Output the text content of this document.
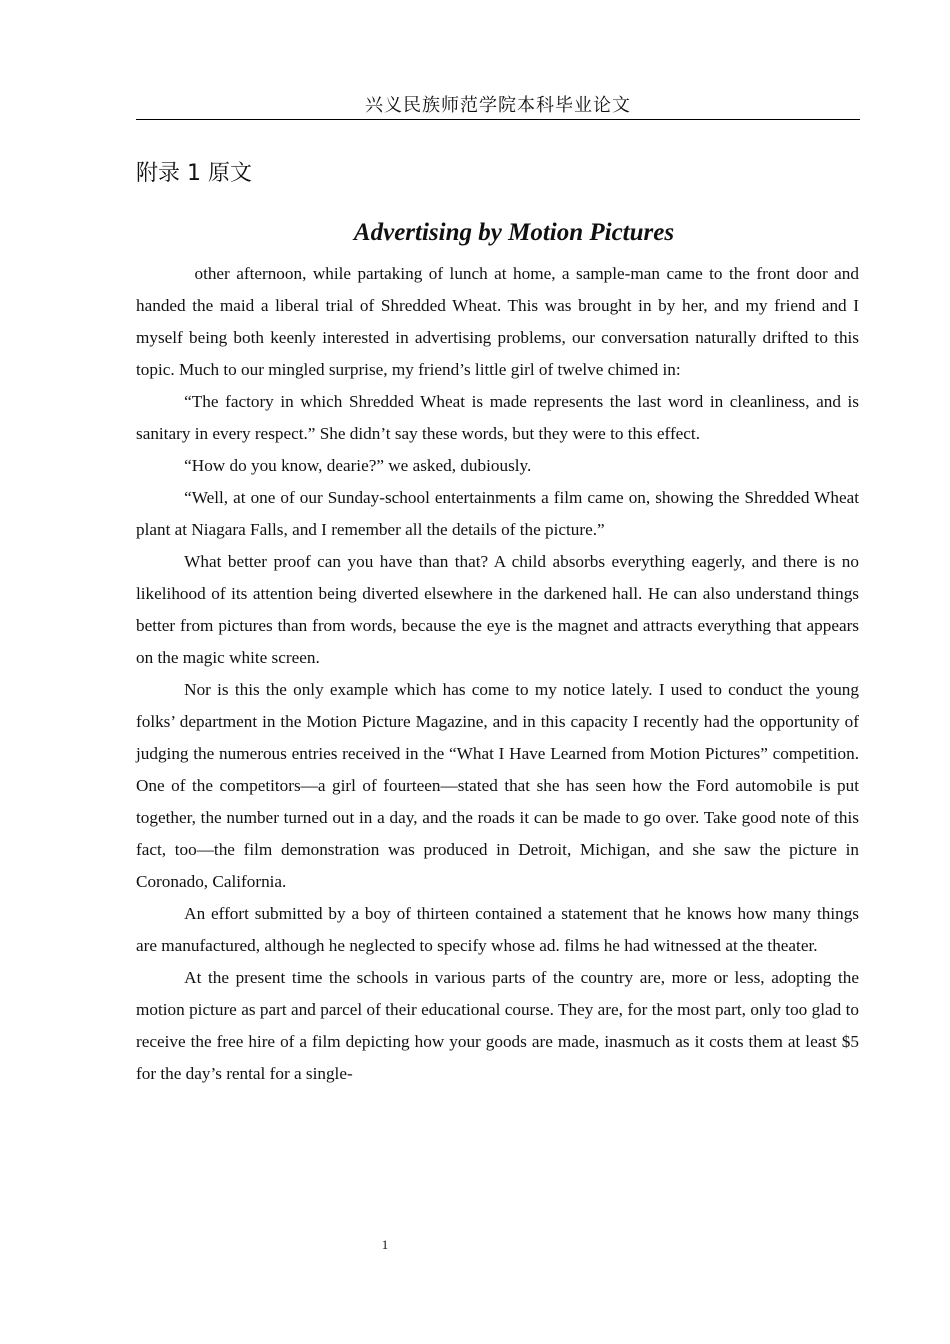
兴义民族师范学院本科毕业论文
附录 1 原文
Advertising by Motion Pictures

other afternoon, while partaking of lunch at home, a sample-man came to the front door and handed the maid a liberal trial of Shredded Wheat. This was brought in by her, and my friend and I myself being both keenly interested in advertising problems, our conversation naturally drifted to this topic. Much to our mingled surprise, my friend’s little girl of twelve chimed in:

“The factory in which Shredded Wheat is made represents the last word in cleanliness, and is sanitary in every respect.” She didn’t say these words, but they were to this effect.

“How do you know, dearie?” we asked, dubiously.

“Well, at one of our Sunday-school entertainments a film came on, showing the Shredded Wheat plant at Niagara Falls, and I remember all the details of the picture.”

What better proof can you have than that? A child absorbs everything eagerly, and there is no likelihood of its attention being diverted elsewhere in the darkened hall. He can also understand things better from pictures than from words, because the eye is the magnet and attracts everything that appears on the magic white screen.

Nor is this the only example which has come to my notice lately. I used to conduct the young folks’ department in the Motion Picture Magazine, and in this capacity I recently had the opportunity of judging the numerous entries received in the “What I Have Learned from Motion Pictures” competition. One of the competitors—a girl of fourteen—stated that she has seen how the Ford automobile is put together, the number turned out in a day, and the roads it can be made to go over. Take good note of this fact, too—the film demonstration was produced in Detroit, Michigan, and she saw the picture in Coronado, California.

An effort submitted by a boy of thirteen contained a statement that he knows how many things are manufactured, although he neglected to specify whose ad. films he had witnessed at the theater.

At the present time the schools in various parts of the country are, more or less, adopting the motion picture as part and parcel of their educational course. They are, for the most part, only too glad to receive the free hire of a film depicting how your goods are made, inasmuch as it costs them at least $5 for the day’s rental for a single-

1
